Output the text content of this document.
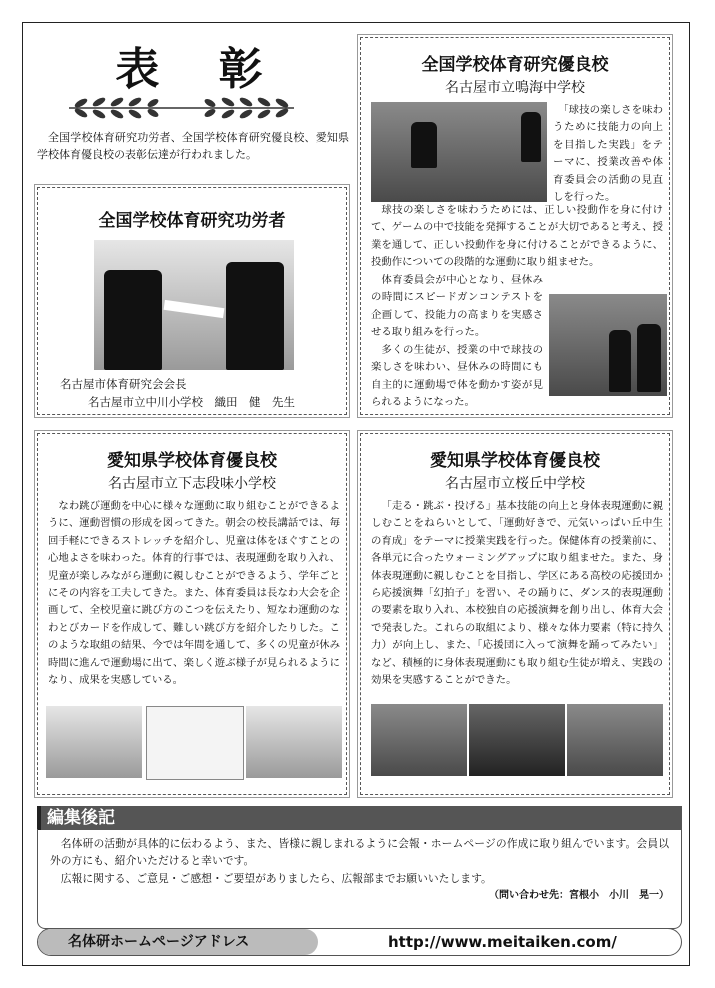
表 彰
全国学校体育研究功労者、全国学校体育研究優良校、愛知県学校体育優良校の表彰伝達が行われました。
全国学校体育研究功労者
名古屋市体育研究会会長
名古屋市立中川小学校　織田　健　先生
全国学校体育研究優良校
名古屋市立鳴海中学校
「球技の楽しさを味わうために技能力の向上を目指した実践」をテーマに、授業改善や体育委員会の活動の見直しを行った。
球技の楽しさを味わうためには、正しい投動作を身に付けて、ゲームの中で技能を発揮することが大切であると考え、授業を通して、正しい投動作を身に付けることができるように、投動作についての段階的な運動に取り組ませた。
体育委員会が中心となり、昼休みの時間にスピードガンコンテストを企画して、投能力の高まりを実感させる取り組みを行った。
多くの生徒が、授業の中で球技の楽しさを味わい、昼休みの時間にも自主的に運動場で体を動かす姿が見られるようになった。
愛知県学校体育優良校
名古屋市立下志段味小学校
なわ跳び運動を中心に様々な運動に取り組むことができるように、運動習慣の形成を図ってきた。朝会の校長講話では、毎回手軽にできるストレッチを紹介し、児童は体をほぐすことの心地よさを味わった。体育的行事では、表現運動を取り入れ、児童が楽しみながら運動に親しむことができるよう、学年ごとにその内容を工夫してきた。また、体育委員は長なわ大会を企画して、全校児童に跳び方のこつを伝えたり、短なわ運動のなわとびカードを作成して、難しい跳び方を紹介したりした。このような取組の結果、今では年間を通して、多くの児童が休み時間に進んで運動場に出て、楽しく遊ぶ様子が見られるようになり、成果を実感している。
愛知県学校体育優良校
名古屋市立桜丘中学校
「走る・跳ぶ・投げる」基本技能の向上と身体表現運動に親しむことをねらいとして、「運動好きで、元気いっぱい丘中生の育成」をテーマに授業実践を行った。保健体育の授業前に、各単元に合ったウォーミングアップに取り組ませた。また、身体表現運動に親しむことを目指し、学区にある高校の応援団から応援演舞「幻拍子」を習い、その踊りに、ダンス的表現運動の要素を取り入れ、本校独自の応援演舞を創り出し、体育大会で発表した。これらの取組により、様々な体力要素（特に持久力）が向上し、また、「応援団に入って演舞を踊ってみたい」など、積極的に身体表現運動にも取り組む生徒が増え、実践の効果を実感することができた。
編集後記
名体研の活動が具体的に伝わるよう、また、皆様に親しまれるように会報・ホームページの作成に取り組んでいます。会員以外の方にも、紹介いただけると幸いです。
広報に関する、ご意見・ご感想・ご要望がありましたら、広報部までお願いいたします。
（問い合わせ先：宮根小　小川　晃一）
名体研ホームページアドレス	http://www.meitaiken.com/
